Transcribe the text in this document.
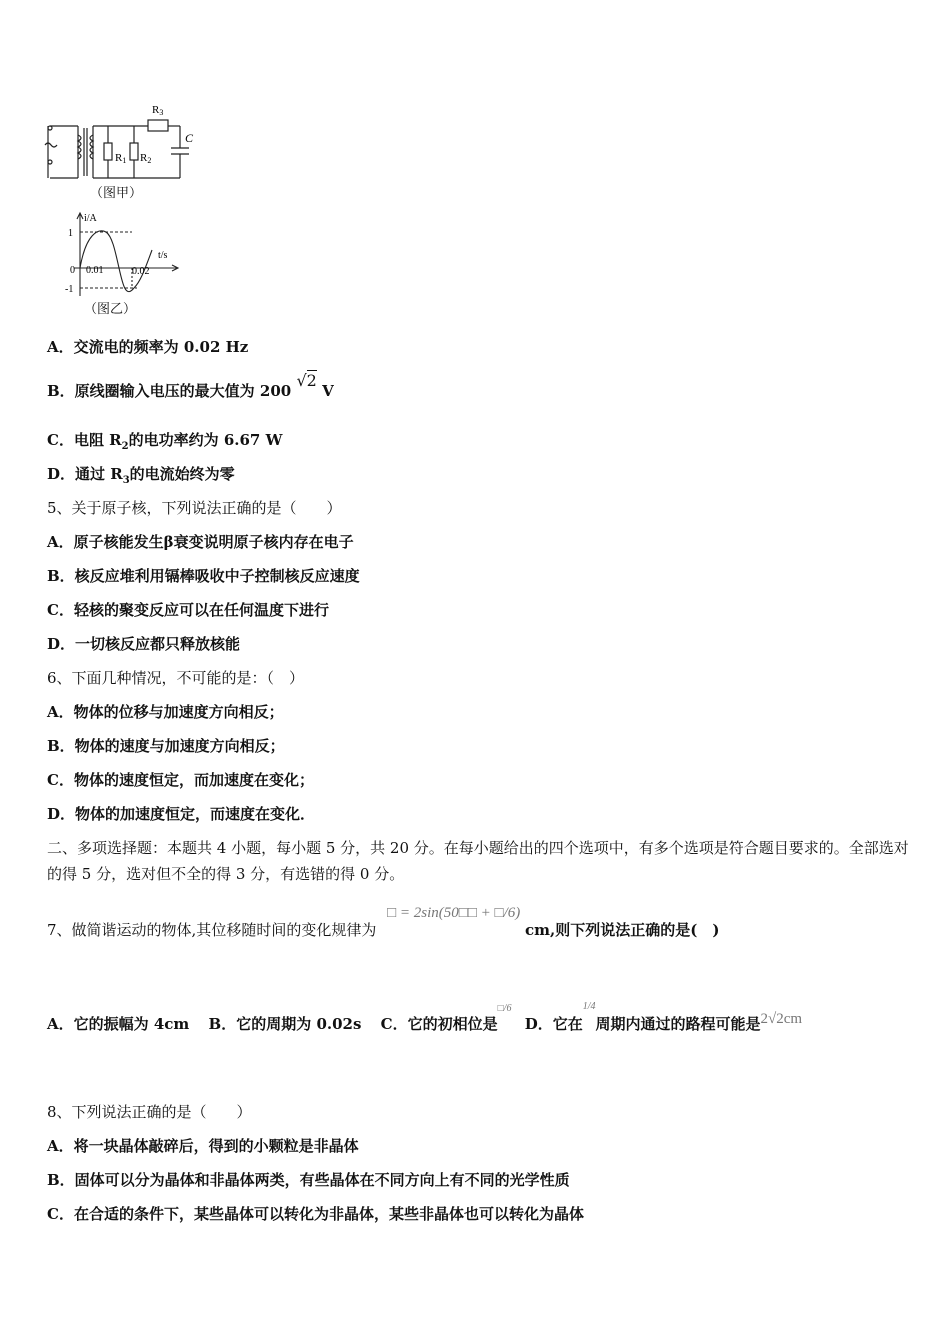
R1 R2
R3
C
（图甲）
i/A
t/s
1
-1
0 0.01	0.02
（图乙）
A．交流电的频率为 0.02 Hz
B．原线圈输入电压的最大值为 200 √2 V
C．电阻 $R_2$的电功率约为 6.67 W
D．通过 $R_3$的电流始终为零
5、关于原子核，下列说法正确的是（　　）
A．原子核能发生β衰变说明原子核内存在电子
B．核反应堆利用镉棒吸收中子控制核反应速度
C．轻核的聚变反应可以在任何温度下进行
D．一切核反应都只释放核能
6、下面几种情况，不可能的是：（　）
A．物体的位移与加速度方向相反；
B．物体的速度与加速度方向相反；
C．物体的速度恒定，而加速度在变化；
D．物体的加速度恒定，而速度在变化．
二、多项选择题：本题共 4 小题，每小题 5 分，共 20 分。在每小题给出的四个选项中，有多个选项是符合题目要求的。全部选对的得 5 分，选对但不全的得 3 分，有选错的得 0 分。
7、做简谐运动的物体,其位移随时间的变化规律为 □ = 2sin(50□□ + □/6) cm,则下列说法正确的是(　)
A．它的振幅为 4cm B．它的周期为 0.02s C．它的初相位是$^{□/6}$ D．它在$^{1/4}$周期内通过的路程可能是2√2cm
8、下列说法正确的是（　　）
A．将一块晶体敲碎后，得到的小颗粒是非晶体
B．固体可以分为晶体和非晶体两类，有些晶体在不同方向上有不同的光学性质
C．在合适的条件下，某些晶体可以转化为非晶体，某些非晶体也可以转化为晶体
